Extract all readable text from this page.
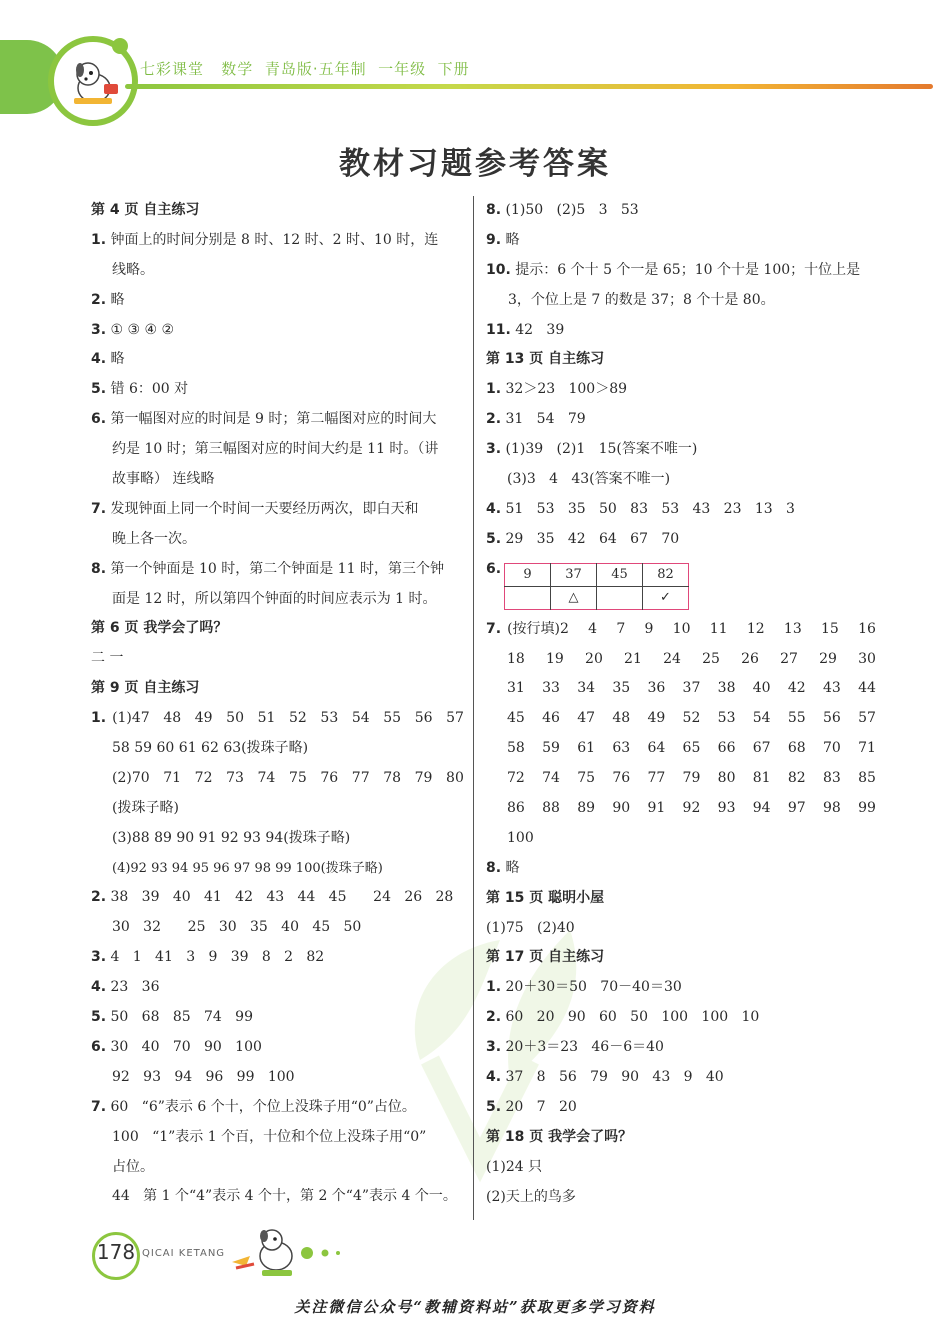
七彩课堂   数学  青岛版·五年制  一年级  下册
教材习题参考答案
第 4 页 自主练习
1. 钟面上的时间分别是 8 时、12 时、2 时、10 时，连
线略。
2. 略
3. ① ③ ④ ②
4. 略
5. 错 6：00 对
6. 第一幅图对应的时间是 9 时；第二幅图对应的时间大
约是 10 时；第三幅图对应的时间大约是 11 时。（讲
故事略） 连线略
7. 发现钟面上同一个时间一天要经历两次，即白天和
晚上各一次。
8. 第一个钟面是 10 时，第二个钟面是 11 时，第三个钟
面是 12 时，所以第四个钟面的时间应表示为 1 时。
第 6 页 我学会了吗？
二 一
第 9 页 自主练习
1. (1)47 48 49 50 51 52 53 54 55 56 57
58 59 60 61 62 63(拨珠子略)
(2)70 71 72 73 74 75 76 77 78 79 80
(拨珠子略)
(3)88 89 90 91 92 93 94(拨珠子略)
(4)92 93 94 95 96 97 98 99 100(拨珠子略)
2. 38   39   40   41   42   43   44   45      24   26   28
30   32      25   30   35   40   45   50
3. 4   1   41   3   9   39   8   2   82
4. 23   36
5. 50   68   85   74   99
6. 30   40   70   90   100
92   93   94   96   99   100
7. 60   “6”表示 6 个十，个位上没珠子用“0”占位。
100   “1”表示 1 个百，十位和个位上没珠子用“0”
占位。
44   第 1 个“4”表示 4 个十，第 2 个“4”表示 4 个一。
8. (1)50   (2)5   3   53
9. 略
10. 提示：6 个十 5 个一是 65；10 个十是 100；十位上是
3，个位上是 7 的数是 37；8 个十是 80。
11. 42   39
第 13 页 自主练习
1. 32＞23   100＞89
2. 31   54   79
3. (1)39   (2)1   15(答案不唯一)
(3)3   4   43(答案不唯一)
4. 51   53   35   50   83   53   43   23   13   3
5. 29   35   42   64   67   70
6. 9	37	45	82
	△		✓
7. (按行填)2 4 7 9 10 11 12 13 15 16
18 19 20 21 24 25 26 27 29 30
31 33 34 35 36 37 38 40 42 43 44
45 46 47 48 49 52 53 54 55 56 57
58 59 61 63 64 65 66 67 68 70 71
72 74 75 76 77 79 80 81 82 83 85
86 88 89 90 91 92 93 94 97 98 99
100
8. 略
第 15 页 聪明小屋
(1)75   (2)40
第 17 页 自主练习
1. 20＋30＝50   70－40＝30
2. 60   20   90   60   50   100   100   10
3. 20＋3＝23   46－6＝40
4. 37   8   56   79   90   43   9   40
5. 20   7   20
第 18 页 我学会了吗？
(1)24 只
(2)天上的鸟多
178 QICAI KETANG
关注微信公众号“教辅资料站”获取更多学习资料
